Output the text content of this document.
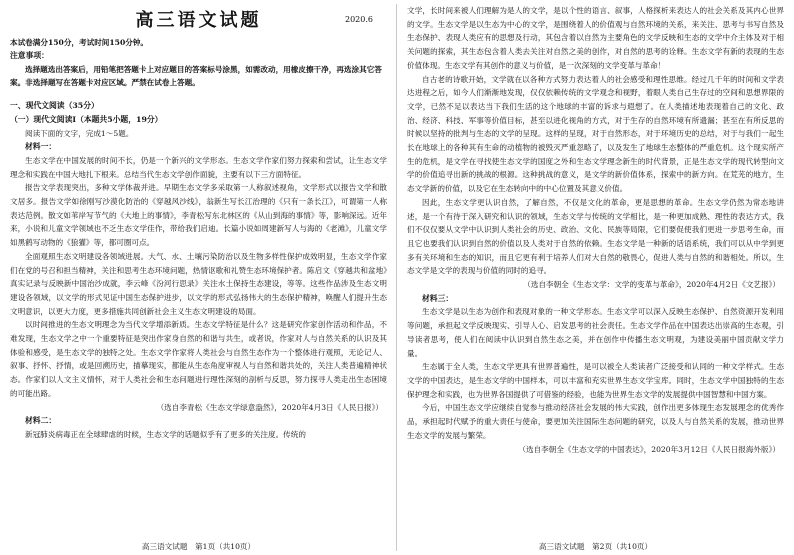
高三语文试题	2020.6

本试卷满分150分，考试时间150分钟。

注意事项：

选择题选出答案后，用铅笔把答题卡上对应题目的答案标号涂黑，如需改动，用橡皮擦干净，再选涂其它答案。非选择题写在答题卡对应区域。严禁在试卷上答题。

一、现代文阅读（35分）

（一）现代文阅读Ⅰ（本题共5小题，19分）

阅读下面的文字，完成1～5题。

材料一：

生态文学在中国发展的时间不长，仍是一个新兴的文学形态。生态文学作家们努力探索和尝试，让生态文学理念和实践在中国大地扎下根来。总结当代生态文学创作面貌，主要有以下三方面特征。

报告文学表现突出，多种文学体裁并进。早期生态文学多采取第一人称叙述视角，文学形式以报告文学和散文居多。报告文学如徐刚写沙漠化防治的《穿越风沙线》，翁新生写长江治理的《只有一条长江》，可谓第一人称表达范例。散文如苇岸写节气的《大地上的事情》，李青松写东北林区的《从山到海的事情》等，影响深远。近年来，小说和儿童文学领域也不乏生态文学佳作，带给我们启迪。长篇小说如周建新写人与海的《老滩》，儿童文学如黑鹤写动物的《狼獾》等，都可圈可点。

全面观照生态文明建设各领域进展。大气、水、土壤污染防治以及生物多样性保护成效明显，生态文学作家们在党的号召和担当精神，关注和思考生态环境问题，热情讴歌和礼赞生态环境保护者。陈启文《穿越共和盆地》真实记录与反映新中国治沙成就，李云峰《汾河行思录》关注水土保持生态建设，等等。这些作品涉及生态文明建设各领域，以文学的形式见证中国生态保护进步，以文学的形式弘扬伟大的生态保护精神，唤醒人们提升生态文明意识，以更大力度，更多措施共同创新社会主义生态文明建设的局面。

以时间推进的生态文明理念为当代文学增添新质。生态文学特征是什么？这是研究作家创作活动和作品，不难发现，生态文学之中一个重要特征是突出作家身自然的和谐与共生，或者说，作家对人与自然关系的认识及其体验和感受，是生态文学的独特之处。生态文学作家将人类社会与自然生态作为一个整体进行观照，无论记人、叙事、抒怀、抒情，或是回溯历史，描摹现实，都能从生态角度审视人与自然和谐共处的，关注人类普遍精神状态。作家们以人文主义情怀，对于人类社会和生态问题进行理性深刻的剖析与反思，努力探寻人类走出生态困境的可能出路。

（选自李青松《生态文学绿意盎然》，2020年4月3日《人民日报》）

材料二：

新冠肺炎病毒正在全球肆虐的时候，生态文学的话题似乎有了更多的关注度。传统的

高三语文试题　第1页（共10页）

文学，长时间来被人们理解为是人的文学，是以个性的语言、叙事，人格探析来表达人的社会关系及其内心世界的文学。生态文学是以生态为中心的文学，是围绕着人的价值观与自然环境的关系，来关注、思考与书写自然及生态保护、表现人类应有的思想及行动，其包含着以自然为主要角色的文学反映和生态的文学中介主体及对于相关问题的探索，其生态包含着人类去关注对自然之美的创作，对自然的思考的诠释。生态文学有新的表现的生态价值体现。生态文学有其创作的意义与价值，是一次深刻的文学变革与革命！

自古老的诗歌开始，文学就在以各种方式努力表达着人的社会感受和理性思维。经过几千年的时间和文学表达进程之后，如今人们渐渐地发现，仅仅依赖传统的文学观念和视野，着眼人类自己生存过的空间和思想界限的文学，已然不足以表达当下我们生活的这个地球的丰富的诉求与遐想了。在人类描述地表现着自己的文化、政治、经济、科技、军事等价值目标，甚至以进化视角的方式，对于生存的自然环境有所遗漏；甚至在有所反思的时候以坚持的批判与生态的文学的呈现。这样的呈现，对于自然形态，对于环境历史的总结，对于与我们一起生长在地球上的各种其有生命的动植物的被毁灭严重忽略了，以及发生了地球生态整体的严重危机。这个现实所产生的危机，是文学在寻找使生态文学的国度之外和生态文学理念新生的时代背景，正是生态文学的现代转型向文学的价值追寻出新的挑战的根源。这种挑战的意义，是文学的新价值体系，探索中的新方向。在荒芜的地方，生态文学新的价值，以及它在生态转向中的中心位置及其意义价值。

因此，生态文学更认识自然，了解自然，不仅是文化的革命，更是思想的革命。生态文学仍然为常态地讲述，是一个有待于深入研究和认识的领域，生态文学与传统的文学相比，是一种更加成熟、理性的表达方式，我们不仅仅要从文学中认识到人类社会的历史、政治、文化、民族等局限，它们要促使我们更进一步思考生命，而且它也要我们认识到自然的价值以及人类对于自然的依赖。生态文学是一种新的话语系统，我们可以从中学到更多有关环境和生态的知识，而且它更有利于培养人们对大自然的敬畏心，促进人类与自然的和谐相处。所以，生态文学是文学的表现与价值的同时的追寻。

（选自李朝全《生态文学：文学的变革与革命》，2020年4月2日《文艺报》）

材料三：

生态文学是以生态为创作和表现对象的一种文学形态。生态文学可以深入反映生态保护、自然资源开发利用等问题，承担起文学反映现实、引导人心、启发思考的社会责任。生态文学作品在中国表达出崇高的生态观，引导读者思考，使人们在阅读中认识到自然生态之美，并在创作中传播生态文明观，为建设美丽中国贡献文学力量。

生态属于全人类，生态文学更具有世界普遍性，是可以被全人类读者广泛接受和认同的一种文学样式。生态文学的中国表达，是生态文学的中国样本，可以丰富和充实世界生态文学宝库。同时，生态文学中国独特的生态保护理念和实践，也为世界各国提供了可借鉴的经验，也能为世界生态文学的发展提供中国智慧和中国方案。

今后，中国生态文学应继续自觉参与推动经济社会发展的伟大实践，创作出更多体现生态发展理念的优秀作品，承担起时代赋予的重大责任与使命，要更加关注国际生态问题的研究，以及人与自然关系的发展，推动世界生态文学的发展与繁荣。

（选自李朝全《生态文学的中国表达》，2020年3月12日《人民日报海外版》）

高三语文试题　第2页（共10页）
